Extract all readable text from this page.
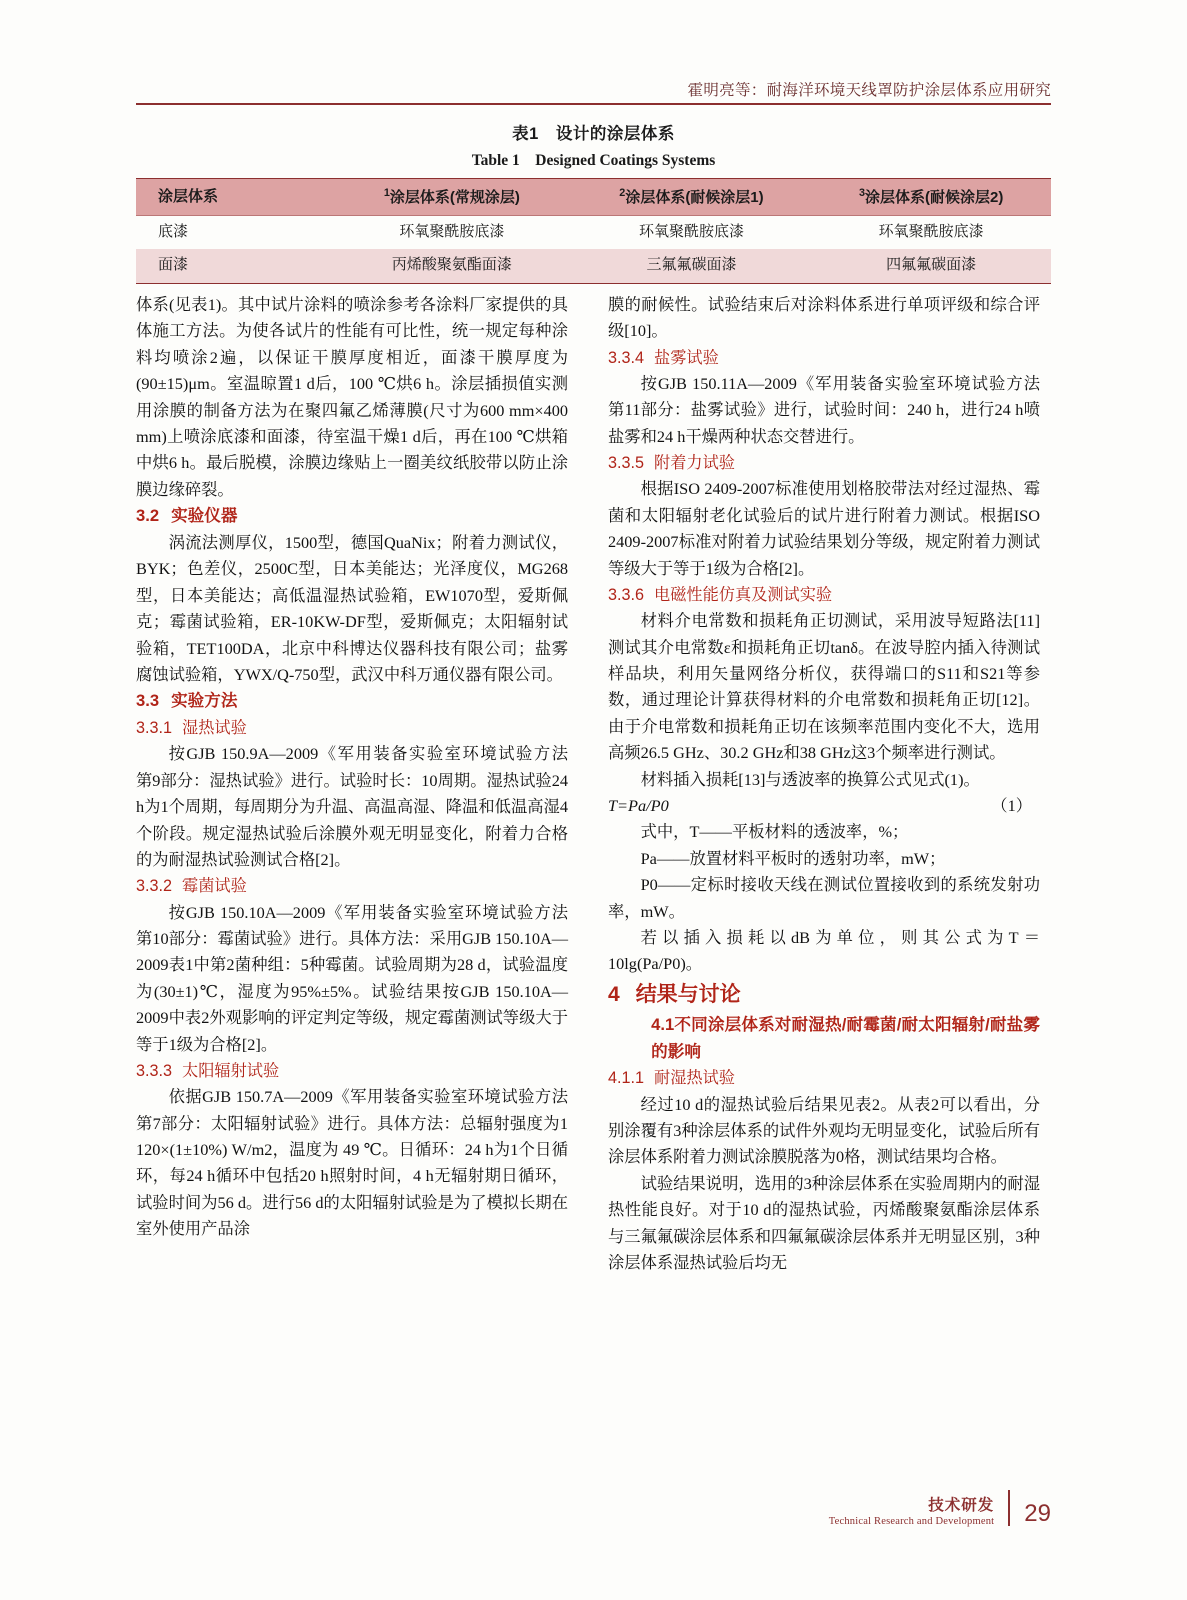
霍明亮等：耐海洋环境天线罩防护涂层体系应用研究
表1　设计的涂层体系
Table 1　Designed Coatings Systems
涂层体系	$^1$涂层体系(常规涂层)	$^2$涂层体系(耐候涂层1)	$^3$涂层体系(耐候涂层2)
底漆	环氧聚酰胺底漆	环氧聚酰胺底漆	环氧聚酰胺底漆
面漆	丙烯酸聚氨酯面漆	三氟氟碳面漆	四氟氟碳面漆

体系(见表1)。其中试片涂料的喷涂参考各涂料厂家提供的具体施工方法。为使各试片的性能有可比性，统一规定每种涂料均喷涂2遍，以保证干膜厚度相近，面漆干膜厚度为(90±15)μm。室温晾置1 d后，100 ℃烘6 h。涂层插损值实测用涂膜的制备方法为在聚四氟乙烯薄膜(尺寸为600 mm×400 mm)上喷涂底漆和面漆，待室温干燥1 d后，再在100 ℃烘箱中烘6 h。最后脱模，涂膜边缘贴上一圈美纹纸胶带以防止涂膜边缘碎裂。

3.2 实验仪器

涡流法测厚仪，1500型，德国QuaNix；附着力测试仪，BYK；色差仪，2500C型，日本美能达；光泽度仪，MG268型，日本美能达；高低温湿热试验箱，EW1070型，爱斯佩克；霉菌试验箱，ER-10KW-DF型，爱斯佩克；太阳辐射试验箱，TET100DA，北京中科博达仪器科技有限公司；盐雾腐蚀试验箱，YWX/Q-750型，武汉中科万通仪器有限公司。

3.3 实验方法

3.3.1 湿热试验

按GJB 150.9A—2009《军用装备实验室环境试验方法　第9部分：湿热试验》进行。试验时长：10周期。湿热试验24 h为1个周期，每周期分为升温、高温高湿、降温和低温高湿4个阶段。规定湿热试验后涂膜外观无明显变化，附着力合格的为耐湿热试验测试合格[2]。

3.3.2 霉菌试验

按GJB 150.10A—2009《军用装备实验室环境试验方法　第10部分：霉菌试验》进行。具体方法：采用GJB 150.10A—2009表1中第2菌种组：5种霉菌。试验周期为28 d，试验温度为(30±1)℃，湿度为95%±5%。试验结果按GJB 150.10A—2009中表2外观影响的评定判定等级，规定霉菌测试等级大于等于1级为合格[2]。

3.3.3 太阳辐射试验

依据GJB 150.7A—2009《军用装备实验室环境试验方法　第7部分：太阳辐射试验》进行。具体方法：总辐射强度为1 120×(1±10%) W/m2，温度为 49 ℃。日循环：24 h为1个日循环，每24 h循环中包括20 h照射时间，4 h无辐射期日循环，试验时间为56 d。进行56 d的太阳辐射试验是为了模拟长期在室外使用产品涂

膜的耐候性。试验结束后对涂料体系进行单项评级和综合评级[10]。

3.3.4 盐雾试验

按GJB 150.11A—2009《军用装备实验室环境试验方法　第11部分：盐雾试验》进行，试验时间：240 h，进行24 h喷盐雾和24 h干燥两种状态交替进行。

3.3.5 附着力试验

根据ISO 2409-2007标准使用划格胶带法对经过湿热、霉菌和太阳辐射老化试验后的试片进行附着力测试。根据ISO 2409-2007标准对附着力试验结果划分等级，规定附着力测试等级大于等于1级为合格[2]。

3.3.6 电磁性能仿真及测试实验

材料介电常数和损耗角正切测试，采用波导短路法[11]测试其介电常数ε和损耗角正切tanδ。在波导腔内插入待测试样品块，利用矢量网络分析仪，获得端口的S11和S21等参数，通过理论计算获得材料的介电常数和损耗角正切[12]。由于介电常数和损耗角正切在该频率范围内变化不大，选用高频26.5 GHz、30.2 GHz和38 GHz这3个频率进行测试。

材料插入损耗[13]与透波率的换算公式见式(1)。

T=Pa/P0	（1）

式中，T——平板材料的透波率，%；

Pa——放置材料平板时的透射功率，mW；

P0——定标时接收天线在测试位置接收到的系统发射功率，mW。

若以插入损耗以dB为单位，则其公式为T＝10lg(Pa/P0)。

4 结果与讨论

4.1不同涂层体系对耐湿热/耐霉菌/耐太阳辐射/耐盐雾的影响

4.1.1 耐湿热试验

经过10 d的湿热试验后结果见表2。从表2可以看出，分别涂覆有3种涂层体系的试件外观均无明显变化，试验后所有涂层体系附着力测试涂膜脱落为0格，测试结果均合格。

试验结果说明，选用的3种涂层体系在实验周期内的耐湿热性能良好。对于10 d的湿热试验，丙烯酸聚氨酯涂层体系与三氟氟碳涂层体系和四氟氟碳涂层体系并无明显区别，3种涂层体系湿热试验后均无

技术研发
Technical Research and Development 29
